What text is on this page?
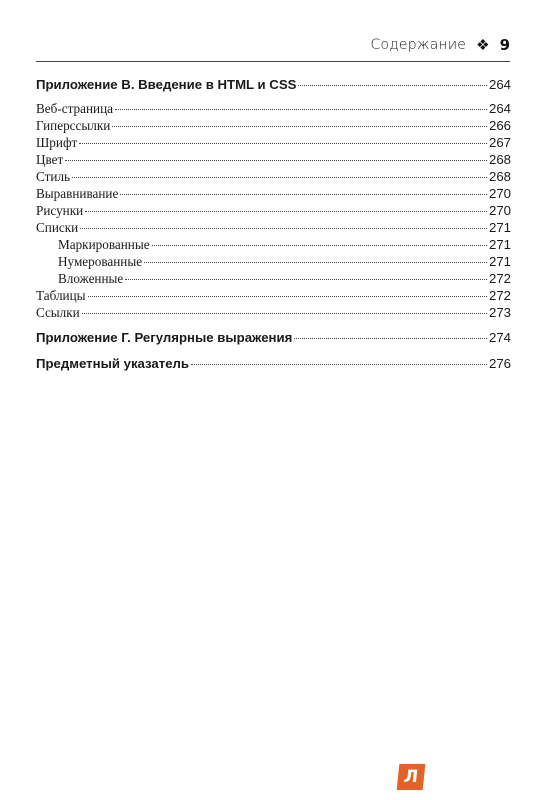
Содержание ❖ 9
Приложение В. Введение в HTML и CSS	264
Веб-страница	264
Гиперссылки	266
Шрифт	267
Цвет	268
Стиль	268
Выравнивание	270
Рисунки	270
Списки	271
Маркированные	271
Нумерованные	271
Вложенные	272
Таблицы	272
Ссылки	273
Приложение Г. Регулярные выражения	274
Предметный указатель	276
Л
